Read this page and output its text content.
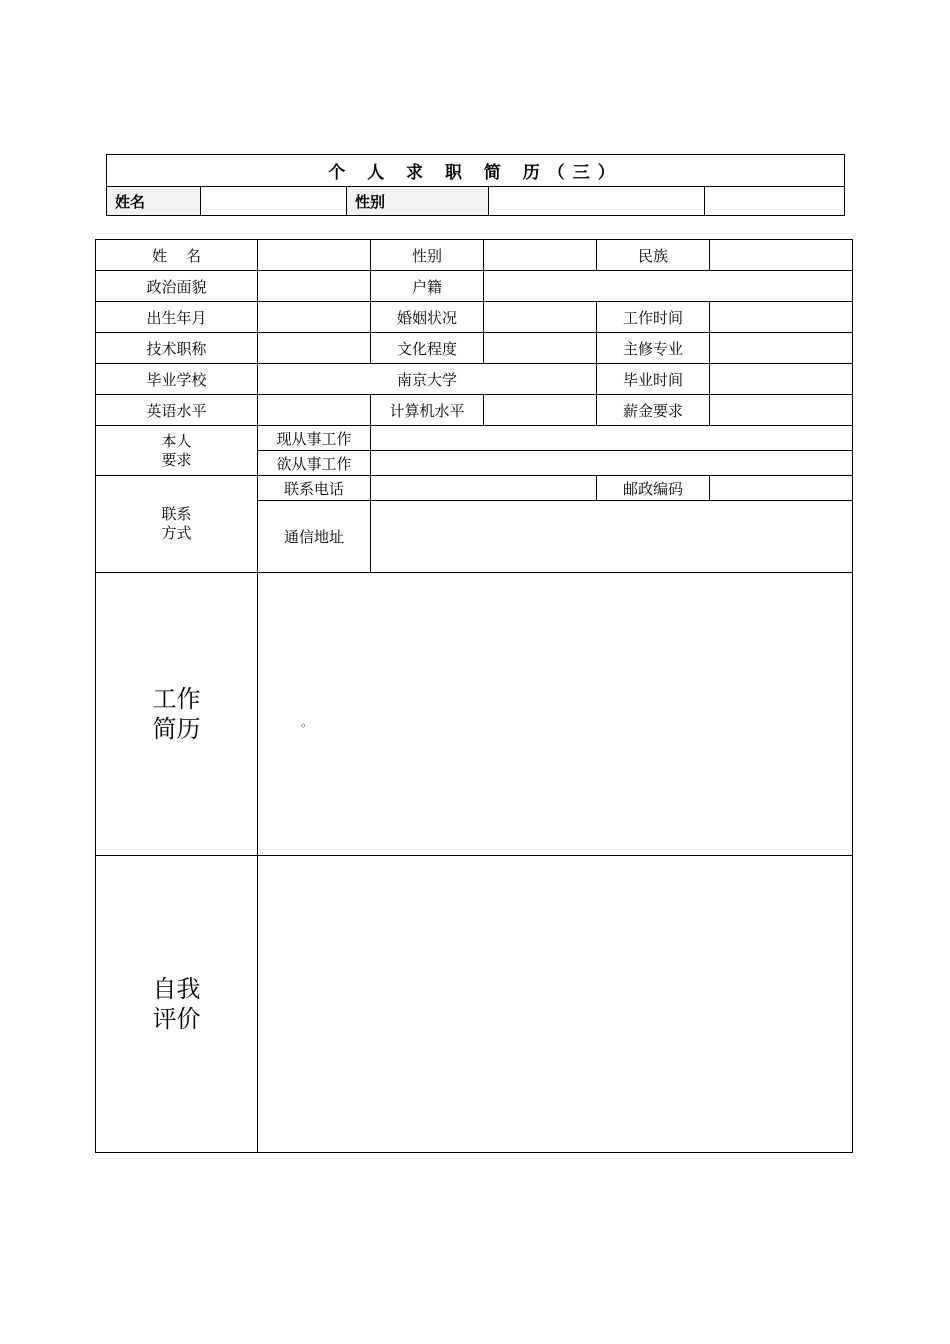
个 人 求 职 简 历（三）
姓名		性别		
姓    名		性别		民族	
政治面貌		户籍			
出生年月		婚姻状况		工作时间	
技术职称		文化程度		主修专业	
毕业学校	南京大学			毕业时间	
英语水平		计算机水平		薪金要求	
本人
要求	现从事工作				
	欲从事工作				
联系
方式	联系电话			邮政编码	
	通信地址				
工作
简历	。				

自我
评价					
